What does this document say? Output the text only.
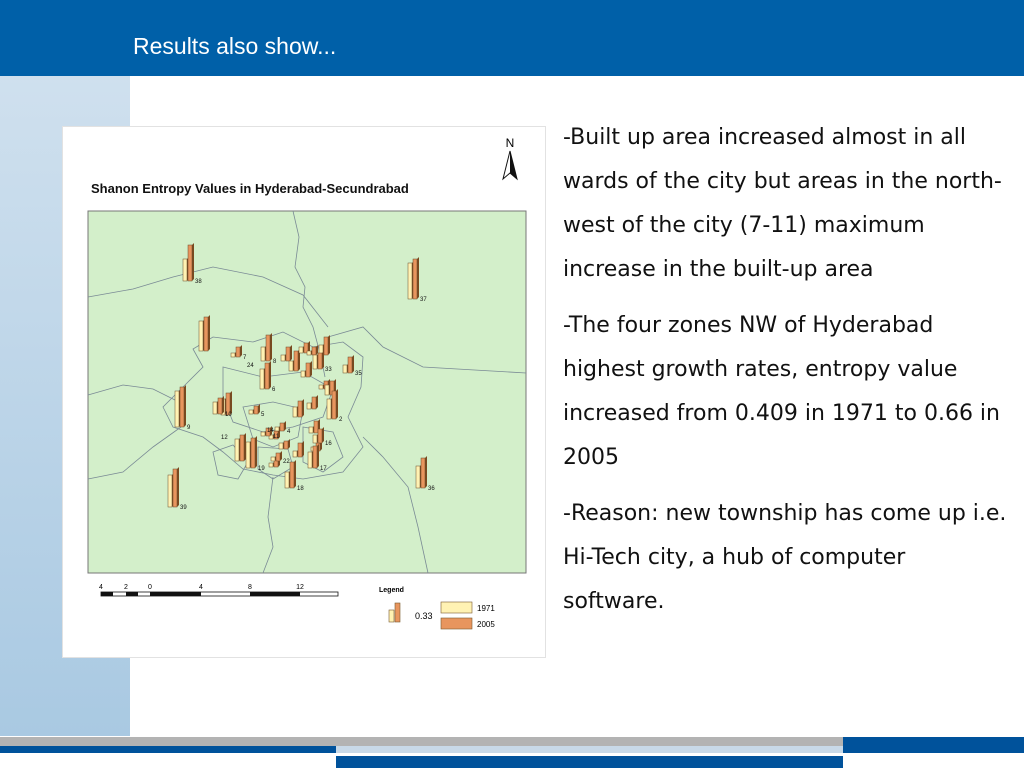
Results also show...
N
Shanon Entropy Values in Hyderabad-Secundrabad
38
37
7
24
6
8
33
35
9
12
10	5
11
4
14
2
16
19
22
17
18	36
39
4	2	0	4	8	12	Legend
0.33
1971
2005

-Built up area increased almost in all wards of the city but areas in the north-west of the city (7-11) maximum increase in the built-up area

-The four zones NW of Hyderabad highest growth rates, entropy value increased from 0.409 in 1971 to 0.66 in 2005

-Reason: new township has come up i.e. Hi-Tech city, a hub of computer software.
